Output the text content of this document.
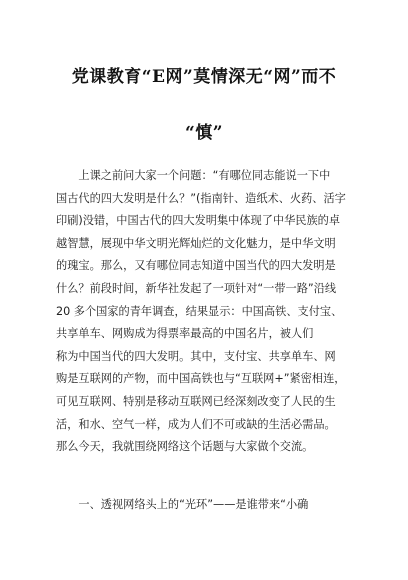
党课教育“E网”莫情深无“网”而不
“慎”
　　上课之前问大家一个问题：“有哪位同志能说一下中
国古代的四大发明是什么？”(指南针、造纸术、火药、活字
印刷)没错，中国古代的四大发明集中体现了中华民族的卓
越智慧，展现中华文明光辉灿烂的文化魅力，是中华文明
的瑰宝。那么，又有哪位同志知道中国当代的四大发明是
什么？前段时间，新华社发起了一项针对“一带一路”沿线
20 多个国家的青年调查，结果显示：中国高铁、支付宝、
共享单车、网购成为得票率最高的中国名片，被人们
称为中国当代的四大发明。其中，支付宝、共享单车、网
购是互联网的产物，而中国高铁也与“互联网+”紧密相连，
可见互联网、特别是移动互联网已经深刻改变了人民的生
活，和水、空气一样，成为人们不可或缺的生活必需品。
那么今天，我就围绕网络这个话题与大家做个交流。
　　一、透视网络头上的“光环”——是谁带来“小确
